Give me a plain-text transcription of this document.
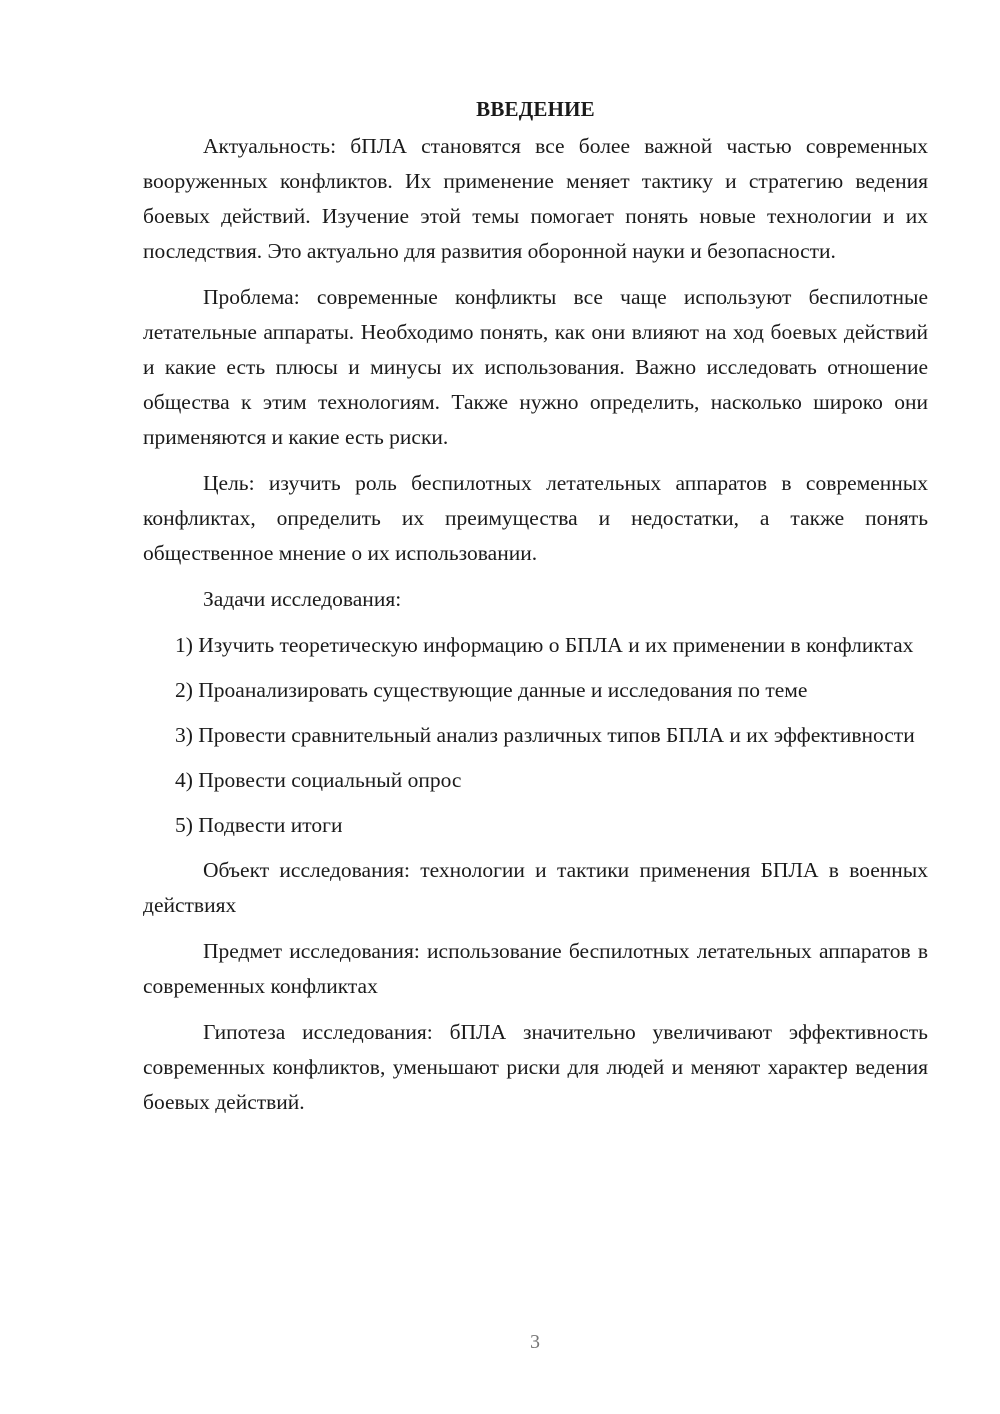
ВВЕДЕНИЕ

Актуальность: бПЛА становятся все более важной частью современных вооруженных конфликтов. Их применение меняет тактику и стратегию ведения боевых действий. Изучение этой темы помогает понять новые технологии и их последствия. Это актуально для развития оборонной науки и безопасности.

Проблема: современные конфликты все чаще используют беспилотные летательные аппараты. Необходимо понять, как они влияют на ход боевых действий и какие есть плюсы и минусы их использования. Важно исследовать отношение общества к этим технологиям. Также нужно определить, насколько широко они применяются и какие есть риски.

Цель: изучить роль беспилотных летательных аппаратов в современных конфликтах, определить их преимущества и недостатки, а также понять общественное мнение о их использовании.

Задачи исследования:

1) Изучить теоретическую информацию о БПЛА и их применении в конфликтах

2) Проанализировать существующие данные и исследования по теме

3) Провести сравнительный анализ различных типов БПЛА и их эффективности

4) Провести социальный опрос

5) Подвести итоги

Объект исследования: технологии и тактики применения БПЛА в военных действиях

Предмет исследования: использование беспилотных летательных аппаратов в современных конфликтах

Гипотеза исследования: бПЛА значительно увеличивают эффективность современных конфликтов, уменьшают риски для людей и меняют характер ведения боевых действий.

3
